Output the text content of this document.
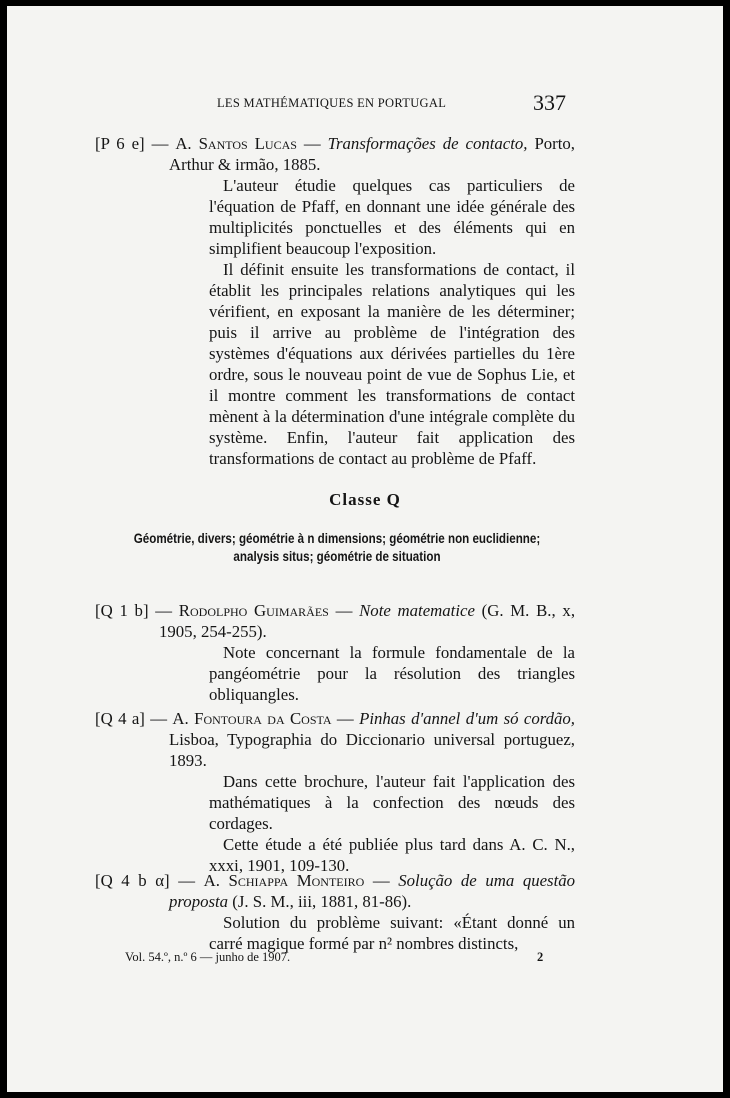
LES MATHÉMATIQUES EN PORTUGAL	337

[P 6 e] — A. Santos Lucas — Transformações de contacto, Porto, Arthur & irmão, 1885.

L'auteur étudie quelques cas particuliers de l'équation de Pfaff, en donnant une idée générale des multiplicités ponctuelles et des éléments qui en simplifient beaucoup l'exposition.

Il définit ensuite les transformations de contact, il établit les principales relations analytiques qui les vérifient, en exposant la manière de les déterminer; puis il arrive au problème de l'intégration des systèmes d'équations aux dérivées partielles du 1ère ordre, sous le nouveau point de vue de Sophus Lie, et il montre comment les transformations de contact mènent à la détermination d'une intégrale complète du système. Enfin, l'auteur fait application des transformations de contact au problème de Pfaff.

Classe Q
Géométrie, divers; géométrie à n dimensions; géométrie non euclidienne; analysis situs; géométrie de situation

[Q 1 b] — Rodolpho Guimarães — Note matematice (G. M. B., x, 1905, 254-255).

Note concernant la formule fondamentale de la pangéométrie pour la résolution des triangles obliquangles.

[Q 4 a] — A. Fontoura da Costa — Pinhas d'annel d'um só cordão, Lisboa, Typographia do Diccionario universal portuguez, 1893.

Dans cette brochure, l'auteur fait l'application des mathématiques à la confection des nœuds des cordages.

Cette étude a été publiée plus tard dans A. C. N., xxxi, 1901, 109-130.

[Q 4 b α] — A. Schiappa Monteiro — Solução de uma questão proposta (J. S. M., iii, 1881, 81-86).

Solution du problème suivant: «Étant donné un carré magique formé par n² nombres distincts,

Vol. 54.º, n.º 6 — junho de 1907.	2
